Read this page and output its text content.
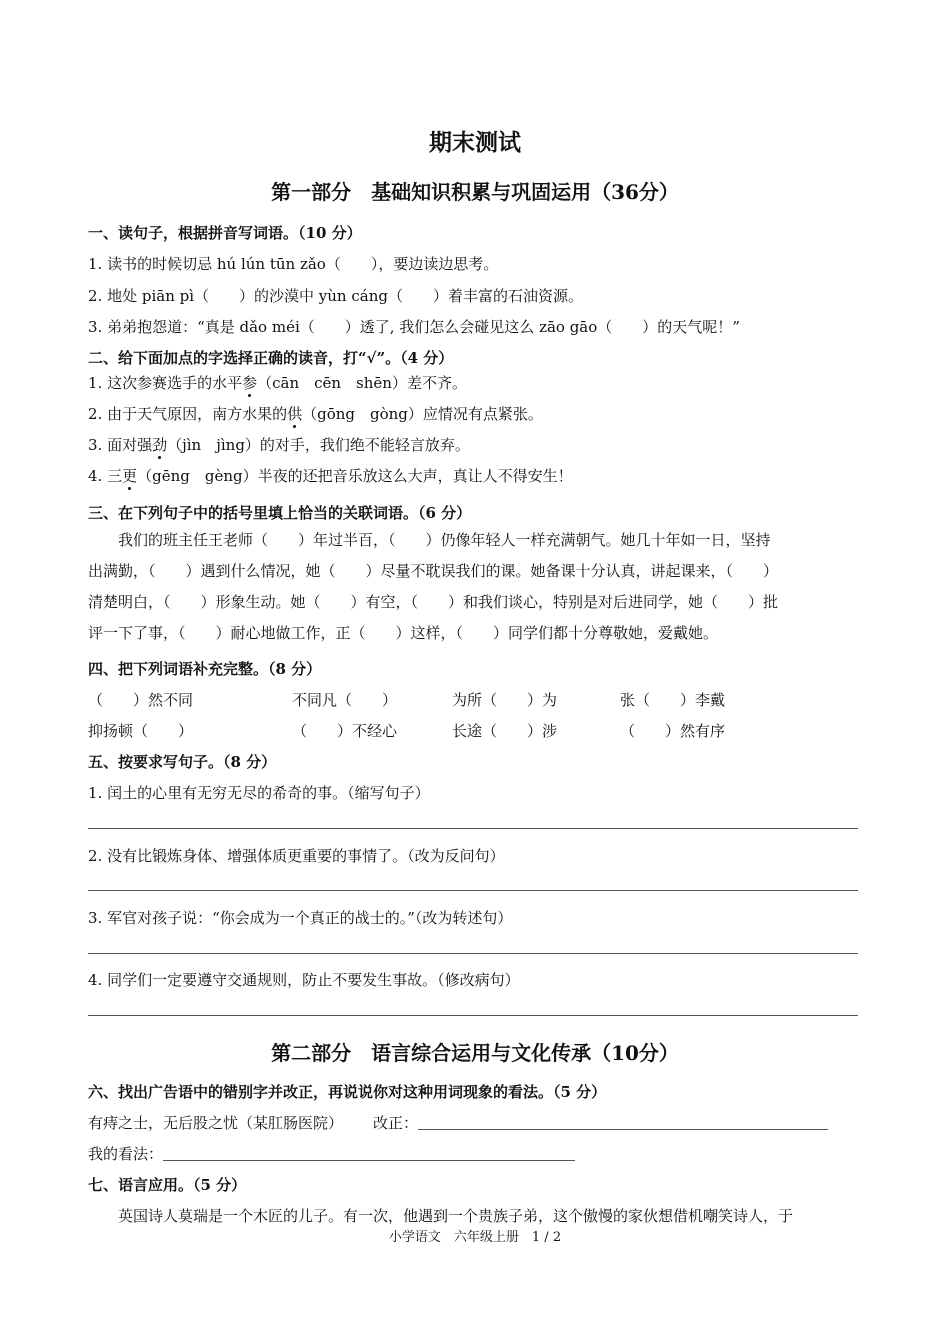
期末测试
第一部分　基础知识积累与巩固运用（36分）
一、读句子，根据拼音写词语。（10 分）
1. 读书的时候切忌 hú lún tūn zǎo（　　），要边读边思考。
2. 地处 piān pì（　　）的沙漠中 yùn cáng（　　）着丰富的石油资源。
3. 弟弟抱怨道：“真是 dǎo méi（　　）透了, 我们怎么会碰见这么 zāo gāo（　　）的天气呢！”
二、给下面加点的字选择正确的读音，打“√”。（4 分）
1. 这次参赛选手的水平参（cān　cēn　shēn）差不齐。
2. 由于天气原因，南方水果的供（gōng　gòng）应情况有点紧张。
3. 面对强劲（jìn　jìng）的对手，我们绝不能轻言放弃。
4. 三更（gēng　gèng）半夜的还把音乐放这么大声，真让人不得安生！
三、在下列句子中的括号里填上恰当的关联词语。（6 分）
我们的班主任王老师（　　）年过半百，（　　）仍像年轻人一样充满朝气。她几十年如一日，坚持
出满勤，（　　）遇到什么情况，她（　　）尽量不耽误我们的课。她备课十分认真，讲起课来，（　　）
清楚明白，（　　）形象生动。她（　　）有空，（　　）和我们谈心，特别是对后进同学，她（　　）批
评一下了事，（　　）耐心地做工作，正（　　）这样，（　　）同学们都十分尊敬她，爱戴她。
四、把下列词语补充完整。（8 分）
（　　）然不同	不同凡（　　）	为所（　　）为	张（　　）李戴
抑扬顿（　　）	（　　）不经心	长途（　　）涉	（　　）然有序
五、按要求写句子。（8 分）
1. 闰土的心里有无穷无尽的希奇的事。（缩写句子）
2. 没有比锻炼身体、增强体质更重要的事情了。（改为反问句）
3. 军官对孩子说：“你会成为一个真正的战士的。”（改为转述句）
4. 同学们一定要遵守交通规则，防止不要发生事故。（修改病句）
第二部分　语言综合运用与文化传承（10分）
六、找出广告语中的错别字并改正，再说说你对这种用词现象的看法。（5 分）
有痔之士，无后股之忧（某肛肠医院） 改正：
我的看法：
七、语言应用。（5 分）
英国诗人莫瑞是一个木匠的儿子。有一次，他遇到一个贵族子弟，这个傲慢的家伙想借机嘲笑诗人，于
小学语文　六年级上册　1 / 2
